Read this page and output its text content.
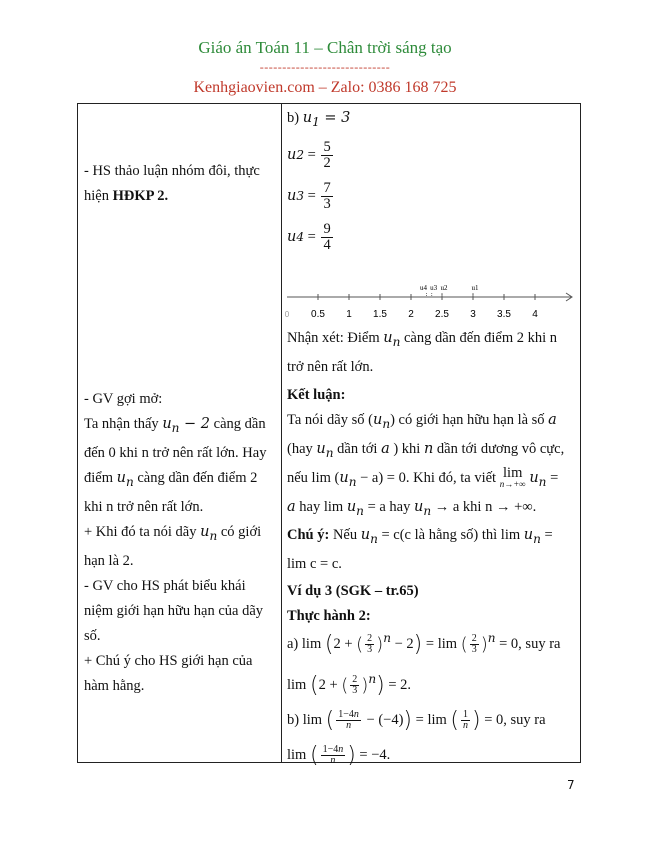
Giáo án Toán 11 – Chân trời sáng tạo
-----------------------------
Kenhgiaovien.com – Zalo: 0386 168 725
- HS thảo luận nhóm đôi, thực hiện HĐKP 2.
- GV gợi mở:
Ta nhận thấy $u_n - 2$ càng dần đến 0 khi n trở nên rất lớn. Hay điểm $u_n$ càng dần đến điểm 2 khi n trở nên rất lớn.
+ Khi đó ta nói dãy $u_n$ có giới hạn là 2.
- GV cho HS phát biểu khái niệm giới hạn hữu hạn của dãy số.
+ Chú ý cho HS giới hạn của hàm hằng.
b) $u_1 = 3$
u $2 = \frac{5}{2}$
u $3 = \frac{7}{3}$
u $4 = \frac{9}{4}$
0 0.5 1 1.5 2 2.5 3 3.5 4
u4 u3 u2	u1
Nhận xét: Điểm $u_n$ càng dần đến điểm 2 khi n trở nên rất lớn.
Kết luận:
Ta nói dãy số $(u_n)$ có giới hạn hữu hạn là số a
(hay $u_n$ dần tới a ) khi n dần tới dương vô cực,
nếu $\lim (u_n - a) = 0$. Khi đó, ta viết lim
n→+∞ $u_n$ =
a hay $\lim u_n = a$ hay $u_n \to a$ khi n → +∞.
Chú ý: Nếu $u_n = c(c$ là hằng số) thì $\lim u_n$ =
lim c = c.
Ví dụ 3 (SGK – tr.65)
Thực hành 2:
a) lim (2 + ( $\frac{2}{3} )^n - 2) = \lim$ ( $\frac{2}{3} )^n = 0$, suy ra
lim (2 + ( $\frac{2}{3} )^n) = 2$.
b) lim ( $\frac{1-4n}{n} - (-4)) = \lim$ ( $\frac{1}{n}$ ) = 0, suy ra
lim ( $\frac{1-4n}{n}$ ) = −4.
7
